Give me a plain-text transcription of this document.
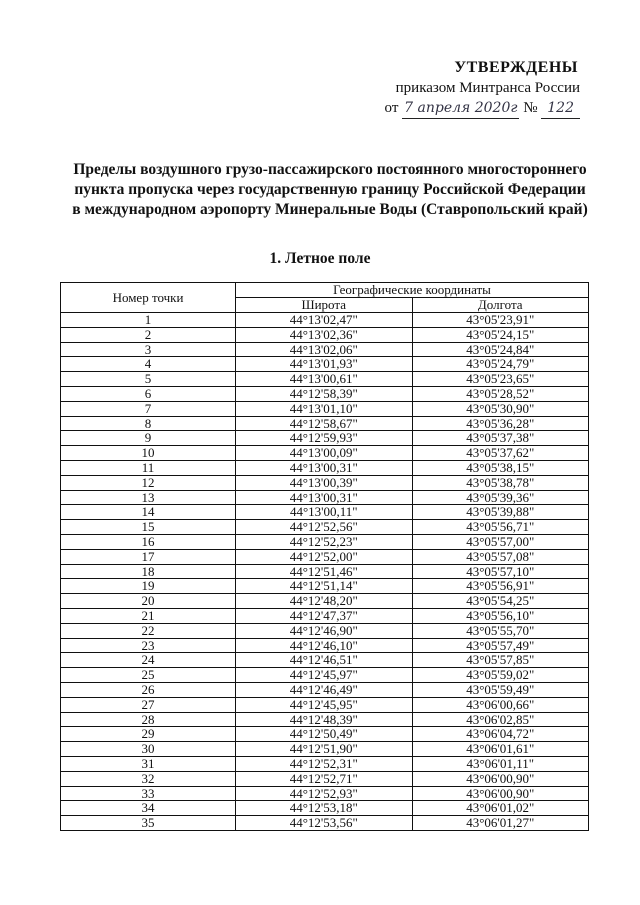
УТВЕРЖДЕНЫ
приказом Минтранса России
от 7 апреля 2020г № 122
Пределы воздушного грузо-пассажирского постоянного многостороннего
пункта пропуска через государственную границу Российской Федерации
в международном аэропорту Минеральные Воды (Ставропольский край)
1. Летное поле
Номер точки	Географические координаты	
	Широта	Долгота
1	44°13'02,47"	43°05'23,91"
2	44°13'02,36"	43°05'24,15"
3	44°13'02,06"	43°05'24,84"
4	44°13'01,93"	43°05'24,79"
5	44°13'00,61"	43°05'23,65"
6	44°12'58,39"	43°05'28,52"
7	44°13'01,10"	43°05'30,90"
8	44°12'58,67"	43°05'36,28"
9	44°12'59,93"	43°05'37,38"
10	44°13'00,09"	43°05'37,62"
11	44°13'00,31"	43°05'38,15"
12	44°13'00,39"	43°05'38,78"
13	44°13'00,31"	43°05'39,36"
14	44°13'00,11"	43°05'39,88"
15	44°12'52,56"	43°05'56,71"
16	44°12'52,23"	43°05'57,00"
17	44°12'52,00"	43°05'57,08"
18	44°12'51,46"	43°05'57,10"
19	44°12'51,14"	43°05'56,91"
20	44°12'48,20"	43°05'54,25"
21	44°12'47,37"	43°05'56,10"
22	44°12'46,90"	43°05'55,70"
23	44°12'46,10"	43°05'57,49"
24	44°12'46,51"	43°05'57,85"
25	44°12'45,97"	43°05'59,02"
26	44°12'46,49"	43°05'59,49"
27	44°12'45,95"	43°06'00,66"
28	44°12'48,39"	43°06'02,85"
29	44°12'50,49"	43°06'04,72"
30	44°12'51,90"	43°06'01,61"
31	44°12'52,31"	43°06'01,11"
32	44°12'52,71"	43°06'00,90"
33	44°12'52,93"	43°06'00,90"
34	44°12'53,18"	43°06'01,02"
35	44°12'53,56"	43°06'01,27"
